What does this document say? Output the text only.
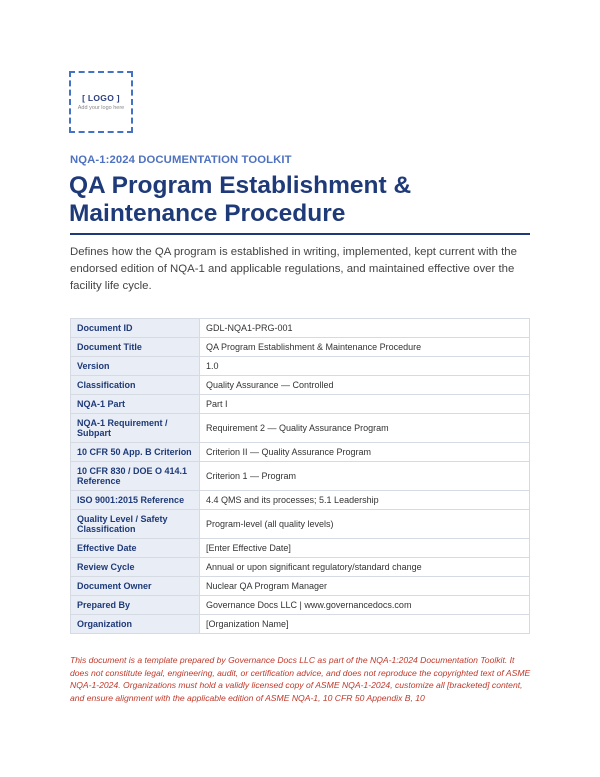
[ LOGO ]
Add your logo here
NQA-1:2024 DOCUMENTATION TOOLKIT
QA Program Establishment & Maintenance Procedure

Defines how the QA program is established in writing, implemented, kept current with the endorsed edition of NQA-1 and applicable regulations, and maintained effective over the facility life cycle.

Document ID	GDL-NQA1-PRG-001
Document Title	QA Program Establishment & Maintenance Procedure
Version	1.0
Classification	Quality Assurance — Controlled
NQA-1 Part	Part I
NQA-1 Requirement / Subpart	Requirement 2 — Quality Assurance Program
10 CFR 50 App. B Criterion	Criterion II — Quality Assurance Program
10 CFR 830 / DOE O 414.1 Reference	Criterion 1 — Program
ISO 9001:2015 Reference	4.4 QMS and its processes; 5.1 Leadership
Quality Level / Safety Classification	Program-level (all quality levels)
Effective Date	[Enter Effective Date]
Review Cycle	Annual or upon significant regulatory/standard change
Document Owner	Nuclear QA Program Manager
Prepared By	Governance Docs LLC | www.governancedocs.com
Organization	[Organization Name]

This document is a template prepared by Governance Docs LLC as part of the NQA-1:2024 Documentation Toolkit. It does not constitute legal, engineering, audit, or certification advice, and does not reproduce the copyrighted text of ASME NQA-1-2024. Organizations must hold a validly licensed copy of ASME NQA-1-2024, customize all [bracketed] content, and ensure alignment with the applicable edition of ASME NQA-1, 10 CFR 50 Appendix B, 10
